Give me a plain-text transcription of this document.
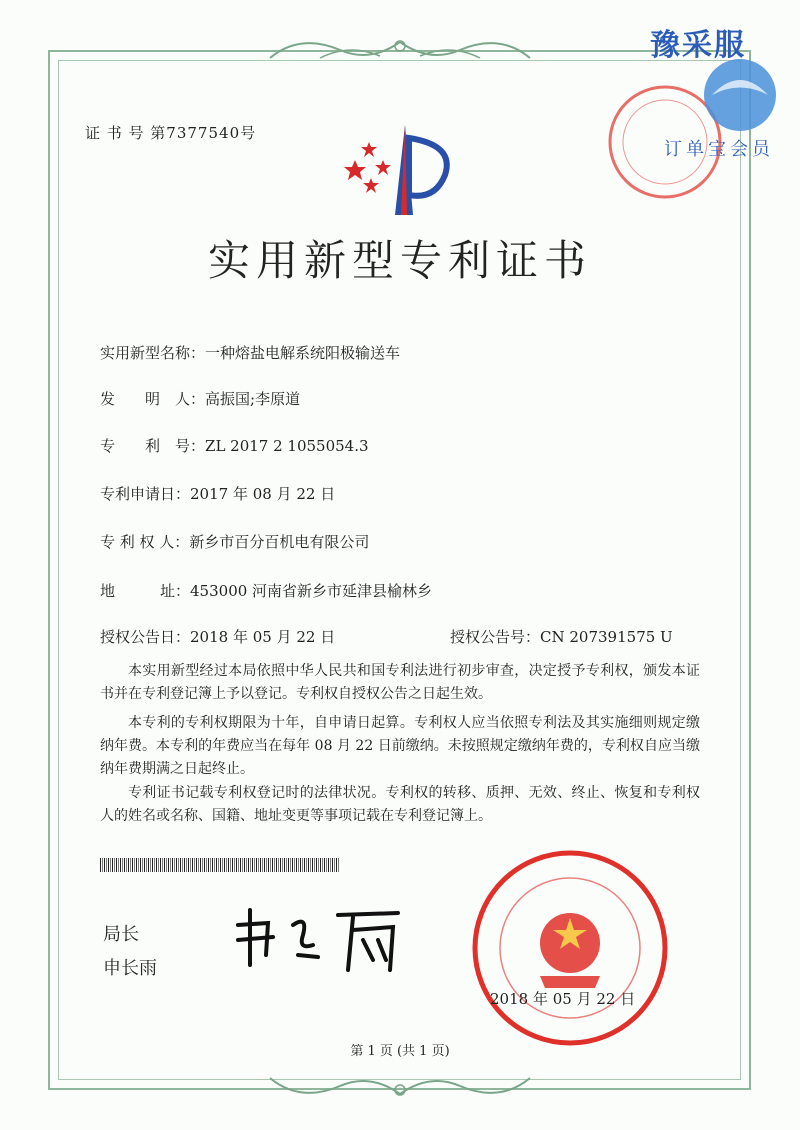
豫采服
订单宝会员
证 书 号 第7377540号
实用新型专利证书
实用新型名称：一种熔盐电解系统阳极输送车
发　　明　人：高振国;李原道
专　　利　号：ZL 2017 2 1055054.3
专利申请日：2017 年 08 月 22 日
专 利 权 人：新乡市百分百机电有限公司
地　　　址：453000 河南省新乡市延津县榆林乡
授权公告日：2018 年 05 月 22 日	授权公告号：CN 207391575 U
本实用新型经过本局依照中华人民共和国专利法进行初步审查，决定授予专利权，颁发本证书并在专利登记簿上予以登记。专利权自授权公告之日起生效。
本专利的专利权期限为十年，自申请日起算。专利权人应当依照专利法及其实施细则规定缴纳年费。本专利的年费应当在每年 08 月 22 日前缴纳。未按照规定缴纳年费的，专利权自应当缴纳年费期满之日起终止。
专利证书记载专利权登记时的法律状况。专利权的转移、质押、无效、终止、恢复和专利权人的姓名或名称、国籍、地址变更等事项记载在专利登记簿上。
局长
申长雨
2018 年 05 月 22 日
第 1 页 (共 1 页)
